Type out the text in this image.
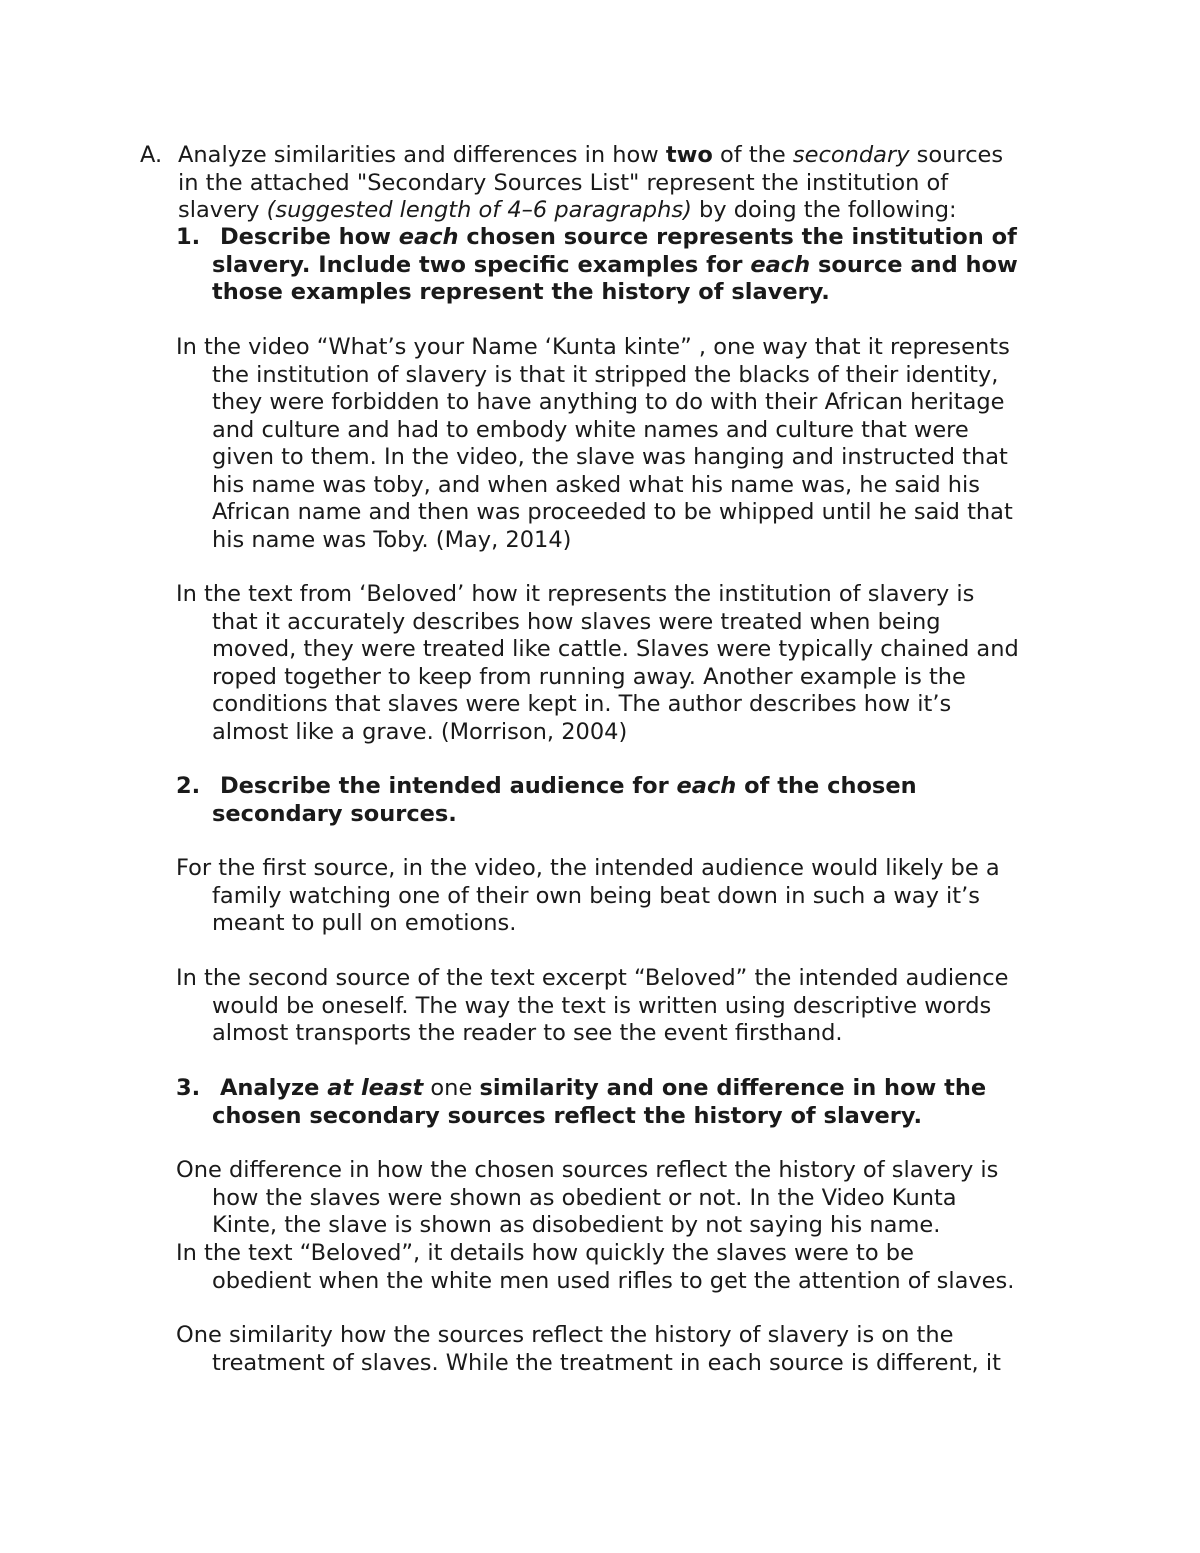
A. Analyze similarities and differences in how two of the secondary sources
in the attached "Secondary Sources List" represent the institution of
slavery (suggested length of 4–6 paragraphs) by doing the following:
1. Describe how each chosen source represents the institution of
slavery. Include two specific examples for each source and how
those examples represent the history of slavery.
In the video “What’s your Name ‘Kunta kinte” , one way that it represents
the institution of slavery is that it stripped the blacks of their identity,
they were forbidden to have anything to do with their African heritage
and culture and had to embody white names and culture that were
given to them. In the video, the slave was hanging and instructed that
his name was toby, and when asked what his name was, he said his
African name and then was proceeded to be whipped until he said that
his name was Toby. (May, 2014)
In the text from ‘Beloved’ how it represents the institution of slavery is
that it accurately describes how slaves were treated when being
moved, they were treated like cattle. Slaves were typically chained and
roped together to keep from running away. Another example is the
conditions that slaves were kept in. The author describes how it’s
almost like a grave. (Morrison, 2004)
2. Describe the intended audience for each of the chosen
secondary sources.
For the first source, in the video, the intended audience would likely be a
family watching one of their own being beat down in such a way it’s
meant to pull on emotions.
In the second source of the text excerpt “Beloved” the intended audience
would be oneself. The way the text is written using descriptive words
almost transports the reader to see the event firsthand.
3. Analyze at least one similarity and one difference in how the
chosen secondary sources reflect the history of slavery.
One difference in how the chosen sources reflect the history of slavery is
how the slaves were shown as obedient or not. In the Video Kunta
Kinte, the slave is shown as disobedient by not saying his name.
In the text “Beloved”, it details how quickly the slaves were to be
obedient when the white men used rifles to get the attention of slaves.
One similarity how the sources reflect the history of slavery is on the
treatment of slaves. While the treatment in each source is different, it
